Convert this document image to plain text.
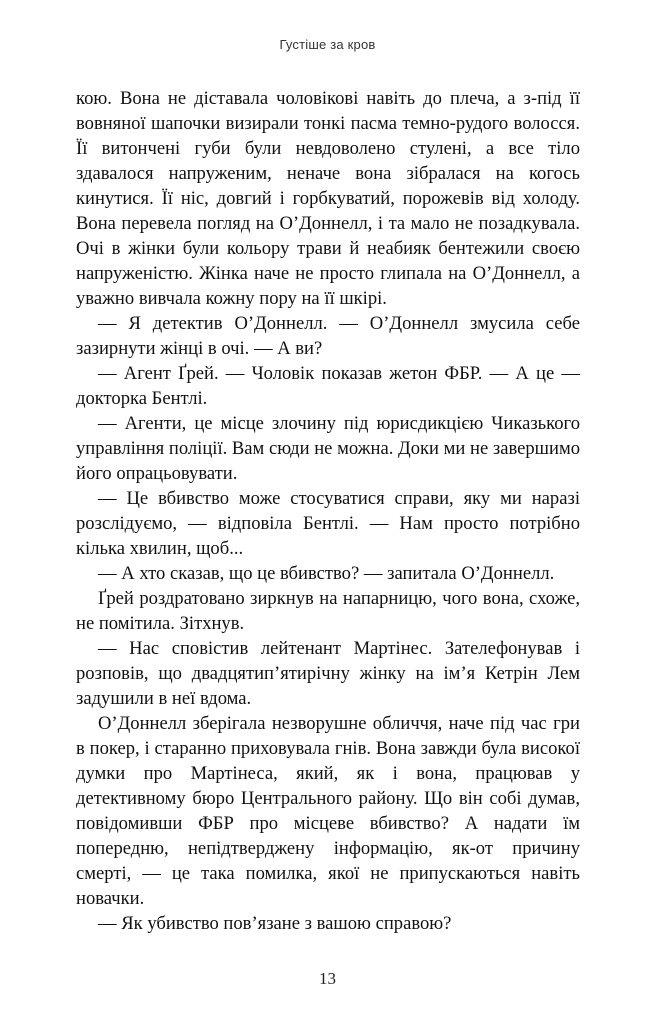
Густіше за кров

кою. Вона не діставала чоловікові навіть до плеча, а з-під її вовняної шапочки визирали тонкі пасма темно-рудого волосся. Її витончені губи були невдоволено стулені, а все тіло здавалося напруженим, неначе вона зібралася на когось кинутися. Її ніс, довгий і горбкуватий, порожевів від холоду. Вона перевела погляд на О’Доннелл, і та мало не позадкувала. Очі в жінки були кольору трави й неабияк бентежили своєю напруженістю. Жінка наче не просто глипала на О’Доннелл, а уважно вивчала кожну пору на її шкірі.

— Я детектив О’Доннелл. — О’Доннелл змусила себе зазирнути жінці в очі. — А ви?

— Агент Ґрей. — Чоловік показав жетон ФБР. — А це — докторка Бентлі.

— Агенти, це місце злочину під юрисдикцією Чиказького управління поліції. Вам сюди не можна. Доки ми не завершимо його опрацьовувати.

— Це вбивство може стосуватися справи, яку ми наразі розслідуємо, — відповіла Бентлі. — Нам просто потрібно кілька хвилин, щоб...

— А хто сказав, що це вбивство? — запитала О’Доннелл.

Ґрей роздратовано зиркнув на напарницю, чого вона, схоже, не помітила. Зітхнув.

— Нас сповістив лейтенант Мартінес. Зателефонував і розповів, що двадцятип’ятирічну жінку на ім’я Кетрін Лем задушили в неї вдома.

О’Доннелл зберігала незворушне обличчя, наче під час гри в покер, і старанно приховувала гнів. Вона завжди була високої думки про Мартінеса, який, як і вона, працював у детективному бюро Центрального району. Що він собі думав, повідомивши ФБР про місцеве вбивство? А надати їм попередню, непідтверджену інформацію, як-от причину смерті, — це така помилка, якої не припускаються навіть новачки.

— Як убивство пов’язане з вашою справою?

13
